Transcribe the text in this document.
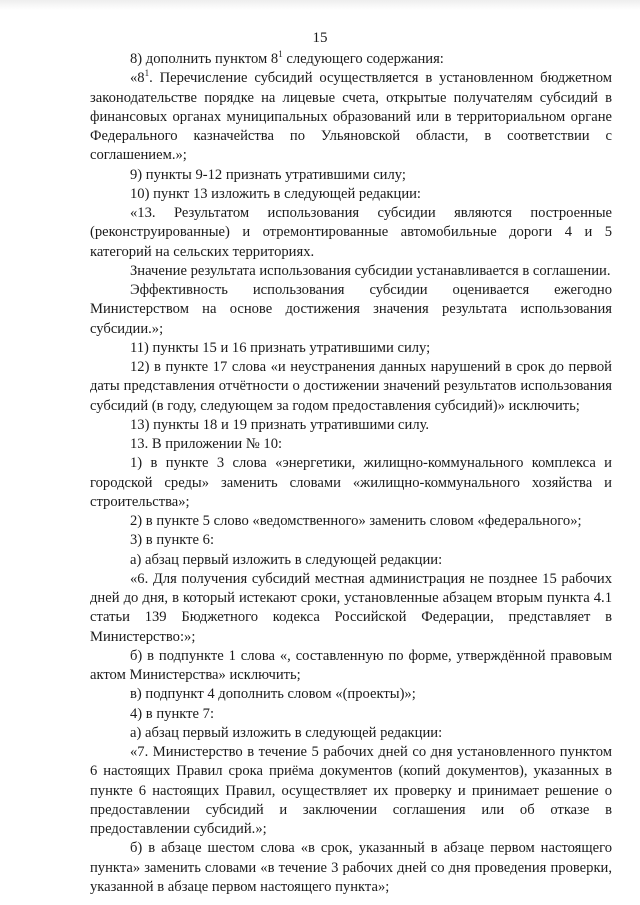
15

8) дополнить пунктом $8^1$ следующего содержания:

«$8^1$. Перечисление субсидий осуществляется в установленном бюджетном законодательстве порядке на лицевые счета, открытые получателям субсидий в финансовых органах муниципальных образований или в территориальном органе Федерального казначейства по Ульяновской области, в соответствии с соглашением.»;

9) пункты 9-12 признать утратившими силу;

10) пункт 13 изложить в следующей редакции:

«13. Результатом использования субсидии являются построенные (реконструированные) и отремонтированные автомобильные дороги 4 и 5 категорий на сельских территориях.

Значение результата использования субсидии устанавливается в соглашении.

Эффективность использования субсидии оценивается ежегодно Министерством на основе достижения значения результата использования субсидии.»;

11) пункты 15 и 16 признать утратившими силу;

12) в пункте 17 слова «и неустранения данных нарушений в срок до первой даты представления отчётности о достижении значений результатов использования субсидий (в году, следующем за годом предоставления субсидий)» исключить;

13) пункты 18 и 19 признать утратившими силу.

13. В приложении № 10:

1) в пункте 3 слова «энергетики, жилищно-коммунального комплекса и городской среды» заменить словами «жилищно-коммунального хозяйства и строительства»;

2) в пункте 5 слово «ведомственного» заменить словом «федерального»;

3) в пункте 6:

а) абзац первый изложить в следующей редакции:

«6. Для получения субсидий местная администрация не позднее 15 рабочих дней до дня, в который истекают сроки, установленные абзацем вторым пункта 4.1 статьи 139 Бюджетного кодекса Российской Федерации, представляет в Министерство:»;

б) в подпункте 1 слова «, составленную по форме, утверждённой правовым актом Министерства» исключить;

в) подпункт 4 дополнить словом «(проекты)»;

4) в пункте 7:

а) абзац первый изложить в следующей редакции:

«7. Министерство в течение 5 рабочих дней со дня установленного пунктом 6 настоящих Правил срока приёма документов (копий документов), указанных в пункте 6 настоящих Правил, осуществляет их проверку и принимает решение о предоставлении субсидий и заключении соглашения или об отказе в предоставлении субсидий.»;

б) в абзаце шестом слова «в срок, указанный в абзаце первом настоящего пункта» заменить словами «в течение 3 рабочих дней со дня проведения проверки, указанной в абзаце первом настоящего пункта»;
